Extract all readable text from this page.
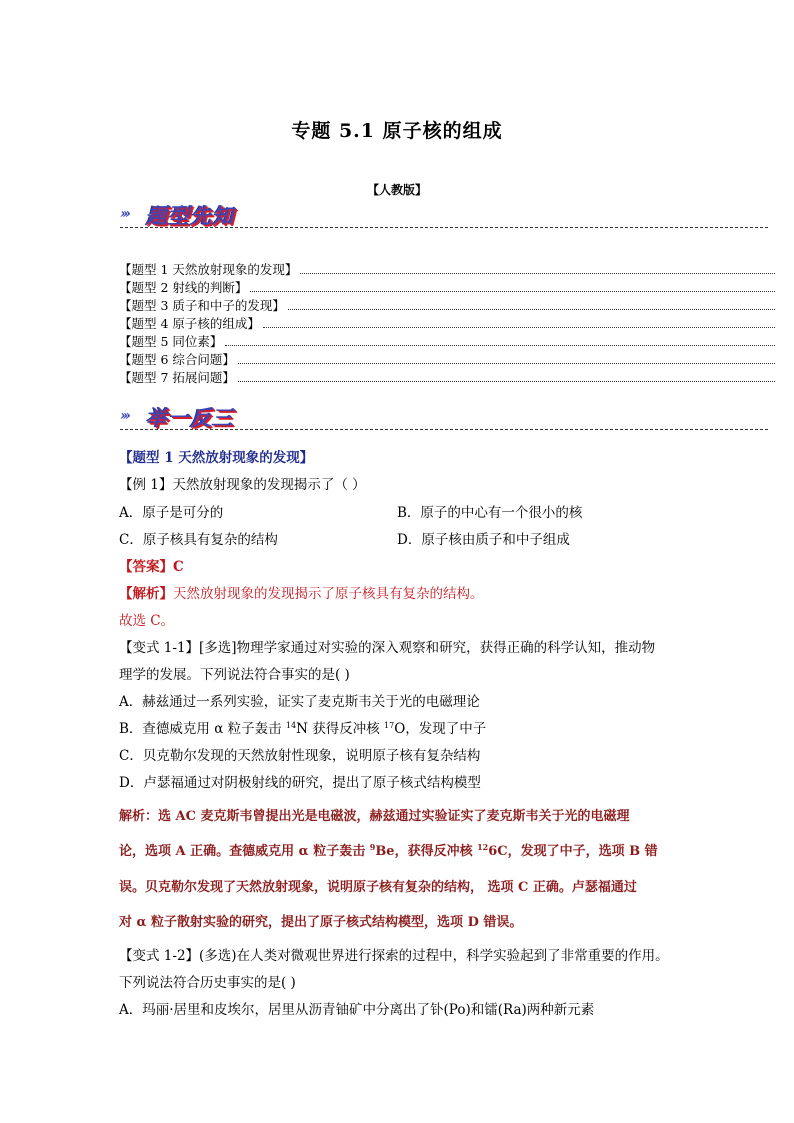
专题 5.1 原子核的组成
【人教版】
››› 题型先知
【题型 1 天然放射现象的发现】
【题型 2 射线的判断】
【题型 3 质子和中子的发现】
【题型 4 原子核的组成】
【题型 5 同位素】
【题型 6 综合问题】
【题型 7 拓展问题】
››› 举一反三
【题型 1 天然放射现象的发现】
【例 1】天然放射现象的发现揭示了（ ）
A．原子是可分的	B．原子的中心有一个很小的核
C．原子核具有复杂的结构	D．原子核由质子和中子组成
【答案】C
【解析】天然放射现象的发现揭示了原子核具有复杂的结构。
故选 C。
【变式 1-1】[多选]物理学家通过对实验的深入观察和研究，获得正确的科学认知，推动物
理学的发展。下列说法符合事实的是( )
A．赫兹通过一系列实验，证实了麦克斯韦关于光的电磁理论
B．查德威克用 α 粒子轰击 $^{14}$N 获得反冲核 $^{17}$O，发现了中子
C．贝克勒尔发现的天然放射性现象，说明原子核有复杂结构
D．卢瑟福通过对阴极射线的研究，提出了原子核式结构模型
解析：选 AC 麦克斯韦曾提出光是电磁波，赫兹通过实验证实了麦克斯韦关于光的电磁理
论，选项 A 正确。查德威克用 α 粒子轰击 $^9$Be，获得反冲核 $^{12}$6C，发现了中子，选项 B 错
误。贝克勒尔发现了天然放射现象，说明原子核有复杂的结构， 选项 C 正确。卢瑟福通过
对 α 粒子散射实验的研究，提出了原子核式结构模型，选项 D 错误。
【变式 1-2】(多选)在人类对微观世界进行探索的过程中，科学实验起到了非常重要的作用。
下列说法符合历史事实的是( )
A．玛丽·居里和皮埃尔，居里从沥青铀矿中分离出了钋(Po)和镭(Ra)两种新元素
